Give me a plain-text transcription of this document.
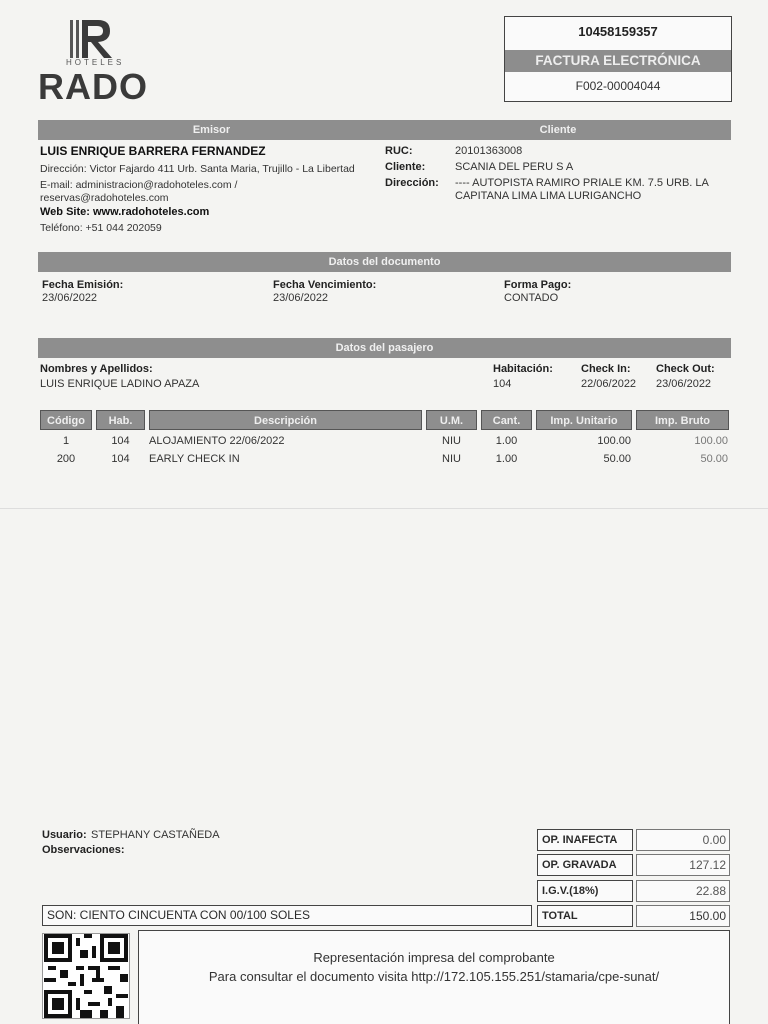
HOTELES
RADO
10458159357
FACTURA ELECTRÓNICA
F002-00004044
Emisor	Cliente
LUIS ENRIQUE BARRERA FERNANDEZ
Dirección: Victor Fajardo 411 Urb. Santa Maria, Trujillo - La Libertad
E-mail: administracion@radohoteles.com /
reservas@radohoteles.com
Web Site: www.radohoteles.com
Teléfono: +51 044 202059
RUC:	20101363008
Cliente:	SCANIA DEL PERU S A
Dirección: ---- AUTOPISTA RAMIRO PRIALE KM. 7.5 URB. LA
CAPITANA LIMA LIMA LURIGANCHO
Datos del documento
Fecha Emisión:
23/06/2022
Fecha Vencimiento:
23/06/2022
Forma Pago:
CONTADO
Datos del pasajero
Nombres y Apellidos:
LUIS ENRIQUE LADINO APAZA
Habitación:
104
Check In:
22/06/2022
Check Out:
23/06/2022
Código	Hab.	Descripción	U.M.	Cant.	Imp. Unitario	Imp. Bruto
1	104	ALOJAMIENTO 22/06/2022	NIU	1.00	100.00	100.00
200	104	EARLY CHECK IN	NIU	1.00	50.00	50.00
Usuario: STEPHANY CASTAÑEDA
Observaciones:
OP. INAFECTA	0.00
OP. GRAVADA	127.12
I.G.V.(18%)	22.88
TOTAL	150.00
SON: CIENTO CINCUENTA CON 00/100 SOLES
Representación impresa del comprobante
Para consultar el documento visita http://172.105.155.251/stamaria/cpe-sunat/
